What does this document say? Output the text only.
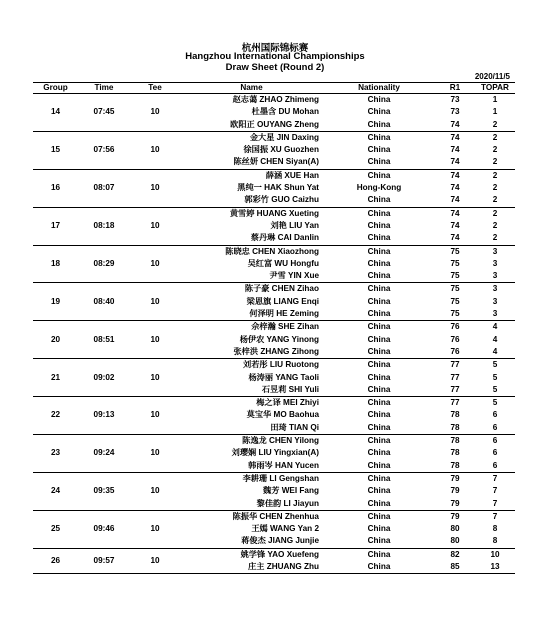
杭州国际锦标赛
Hangzhou International Championships
Draw Sheet (Round 2)
2020/11/5
Group	Time	Tee	Name	Nationality	R1	TOPAR
14	07:45	10	赵志蔼 ZHAO Zhimeng	China	73	1
			杜墨含 DU Mohan	China	73	1
			欧阳正 OUYANG Zheng	China	74	2
15	07:56	10	金大星 JIN Daxing	China	74	2
			徐国振 XU Guozhen	China	74	2
			陈丝妍 CHEN Siyan(A)	China	74	2
16	08:07	10	薛涵 XUE Han	China	74	2
			黑纯一 HAK Shun Yat	Hong-Kong	74	2
			郭彩竹 GUO Caizhu	China	74	2
17	08:18	10	黄雪婷 HUANG Xueting	China	74	2
			刘艳 LIU Yan	China	74	2
			蔡丹琳 CAI Danlin	China	74	2
18	08:29	10	陈晓忠 CHEN Xiaozhong	China	75	3
			吴红富 WU Hongfu	China	75	3
			尹雪 YIN Xue	China	75	3
19	08:40	10	陈子豪 CHEN Zihao	China	75	3
			梁恩旗 LIANG Enqi	China	75	3
			何泽明 HE Zeming	China	75	3
20	08:51	10	佘梓瀚 SHE Zihan	China	76	4
			杨伊农 YANG Yinong	China	76	4
			张梓洪 ZHANG Zihong	China	76	4
21	09:02	10	刘若彤 LIU Ruotong	China	77	5
			杨涛丽 YANG Taoli	China	77	5
			石昱莉 SHI Yuli	China	77	5
22	09:13	10	梅之译 MEI Zhiyi	China	77	5
			莫宝华 MO Baohua	China	78	6
			田琦 TIAN Qi	China	78	6
23	09:24	10	陈逸龙 CHEN Yilong	China	78	6
			刘璎娴 LIU Yingxian(A)	China	78	6
			韩雨岑 HAN Yucen	China	78	6
24	09:35	10	李耕珊 LI Gengshan	China	79	7
			魏芳 WEI Fang	China	79	7
			黎佳韵 LI Jiayun	China	79	7
25	09:46	10	陈振华 CHEN Zhenhua	China	79	7
			王嫣 WANG Yan 2	China	80	8
			蒋俊杰 JIANG Junjie	China	80	8
26	09:57	10	姚学锋 YAO Xuefeng	China	82	10
			庄主 ZHUANG Zhu	China	85	13
